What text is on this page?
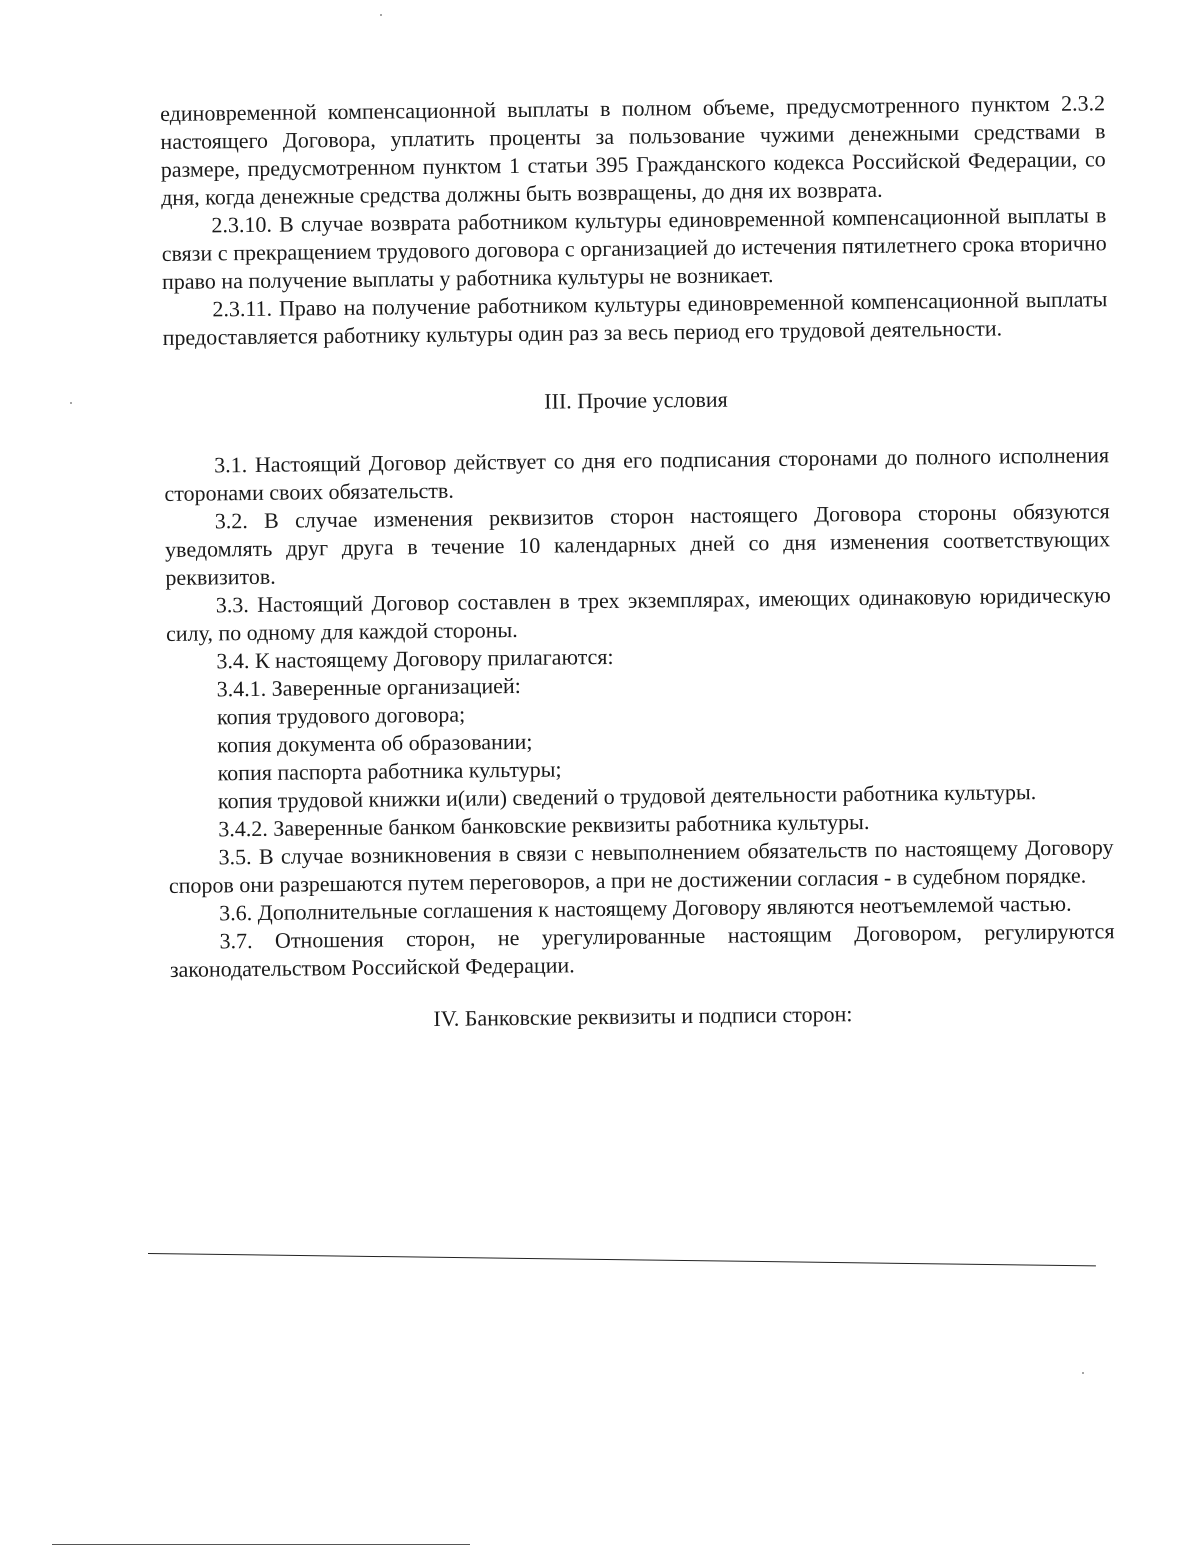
единовременной компенсационной выплаты в полном объеме, предусмотренного пунктом 2.3.2 настоящего Договора, уплатить проценты за пользование чужими денежными средствами в размере, предусмотренном пунктом 1 статьи 395 Гражданского кодекса Российской Федерации, со дня, когда денежные средства должны быть возвращены, до дня их возврата.

2.3.10. В случае возврата работником культуры единовременной компенсационной выплаты в связи с прекращением трудового договора с организацией до истечения пятилетнего срока вторично право на получение выплаты у работника культуры не возникает.

2.3.11. Право на получение работником культуры единовременной компенсационной выплаты предоставляется работнику культуры один раз за весь период его трудовой деятельности.

III. Прочие условия

3.1. Настоящий Договор действует со дня его подписания сторонами до полного исполнения сторонами своих обязательств.

3.2. В случае изменения реквизитов сторон настоящего Договора стороны обязуются уведомлять друг друга в течение 10 календарных дней со дня изменения соответствующих реквизитов.

3.3. Настоящий Договор составлен в трех экземплярах, имеющих одинаковую юридическую силу, по одному для каждой стороны.

3.4. К настоящему Договору прилагаются:

3.4.1. Заверенные организацией:

копия трудового договора;

копия документа об образовании;

копия паспорта работника культуры;

копия трудовой книжки и(или) сведений о трудовой деятельности работника культуры.

3.4.2. Заверенные банком банковские реквизиты работника культуры.

3.5. В случае возникновения в связи с невыполнением обязательств по настоящему Договору споров они разрешаются путем переговоров, а при не достижении согласия - в судебном порядке.

3.6. Дополнительные соглашения к настоящему Договору являются неотъемлемой частью.

3.7. Отношения сторон, не урегулированные настоящим Договором, регулируются законодательством Российской Федерации.

IV. Банковские реквизиты и подписи сторон:
